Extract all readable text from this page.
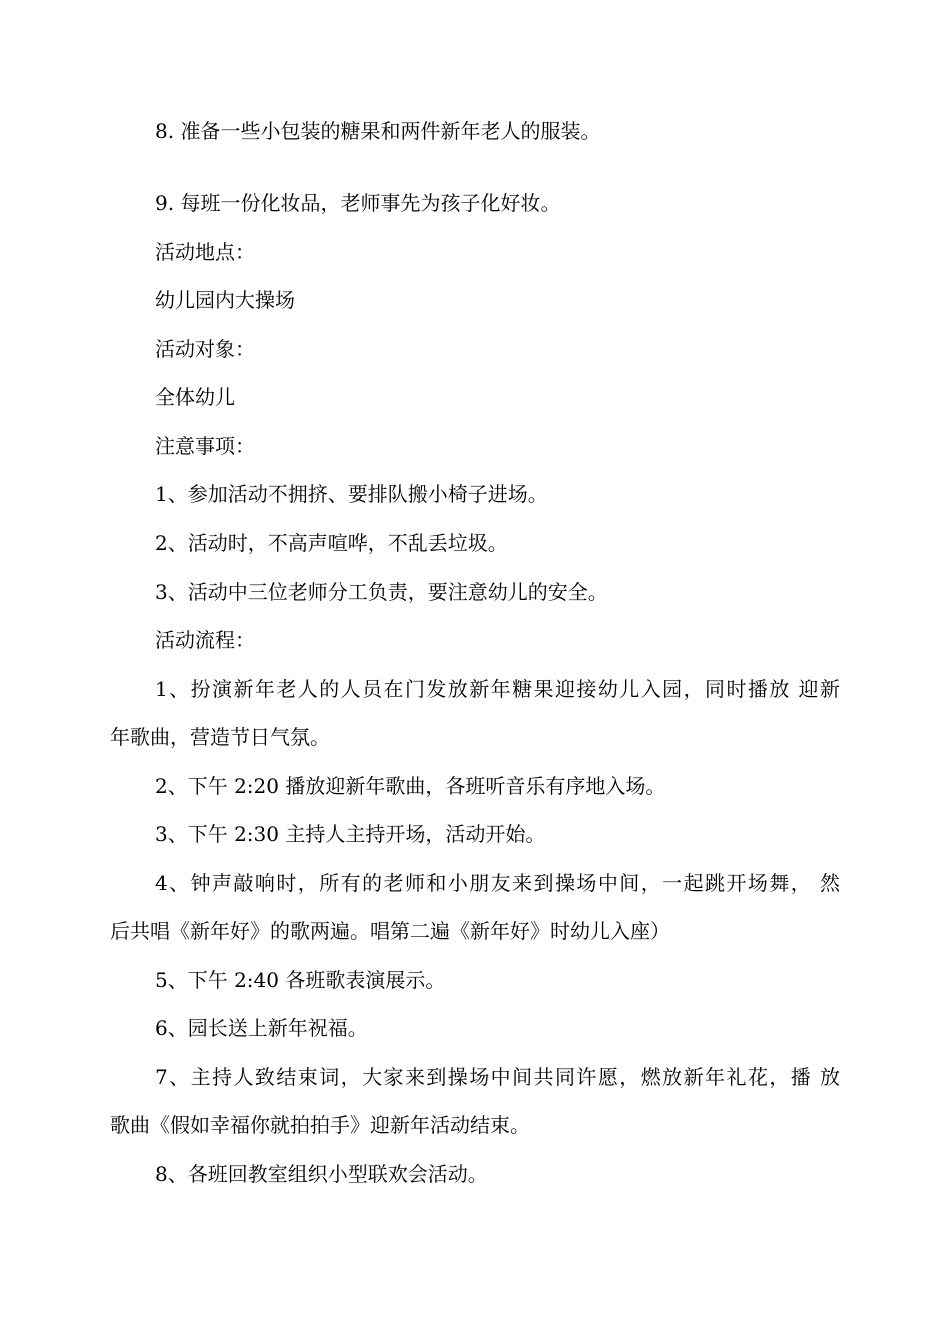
8. 准备一些小包装的糖果和两件新年老人的服装。

9. 每班一份化妆品，老师事先为孩子化好妆。

活动地点：

幼儿园内大操场

活动对象：

全体幼儿

注意事项：

1、参加活动不拥挤、要排队搬小椅子进场。

2、活动时，不高声喧哗，不乱丢垃圾。

3、活动中三位老师分工负责，要注意幼儿的安全。

活动流程：

1、扮演新年老人的人员在门发放新年糖果迎接幼儿入园，同时播放 迎新

年歌曲，营造节日气氛。

2、下午 2:20 播放迎新年歌曲，各班听音乐有序地入场。

3、下午 2:30 主持人主持开场，活动开始。

4、钟声敲响时，所有的老师和小朋友来到操场中间，一起跳开场舞， 然

后共唱《新年好》的歌两遍。唱第二遍《新年好》时幼儿入座）

5、下午 2:40 各班歌表演展示。

6、园长送上新年祝福。

7、主持人致结束词，大家来到操场中间共同许愿，燃放新年礼花，播 放

歌曲《假如幸福你就拍拍手》迎新年活动结束。

8、各班回教室组织小型联欢会活动。
